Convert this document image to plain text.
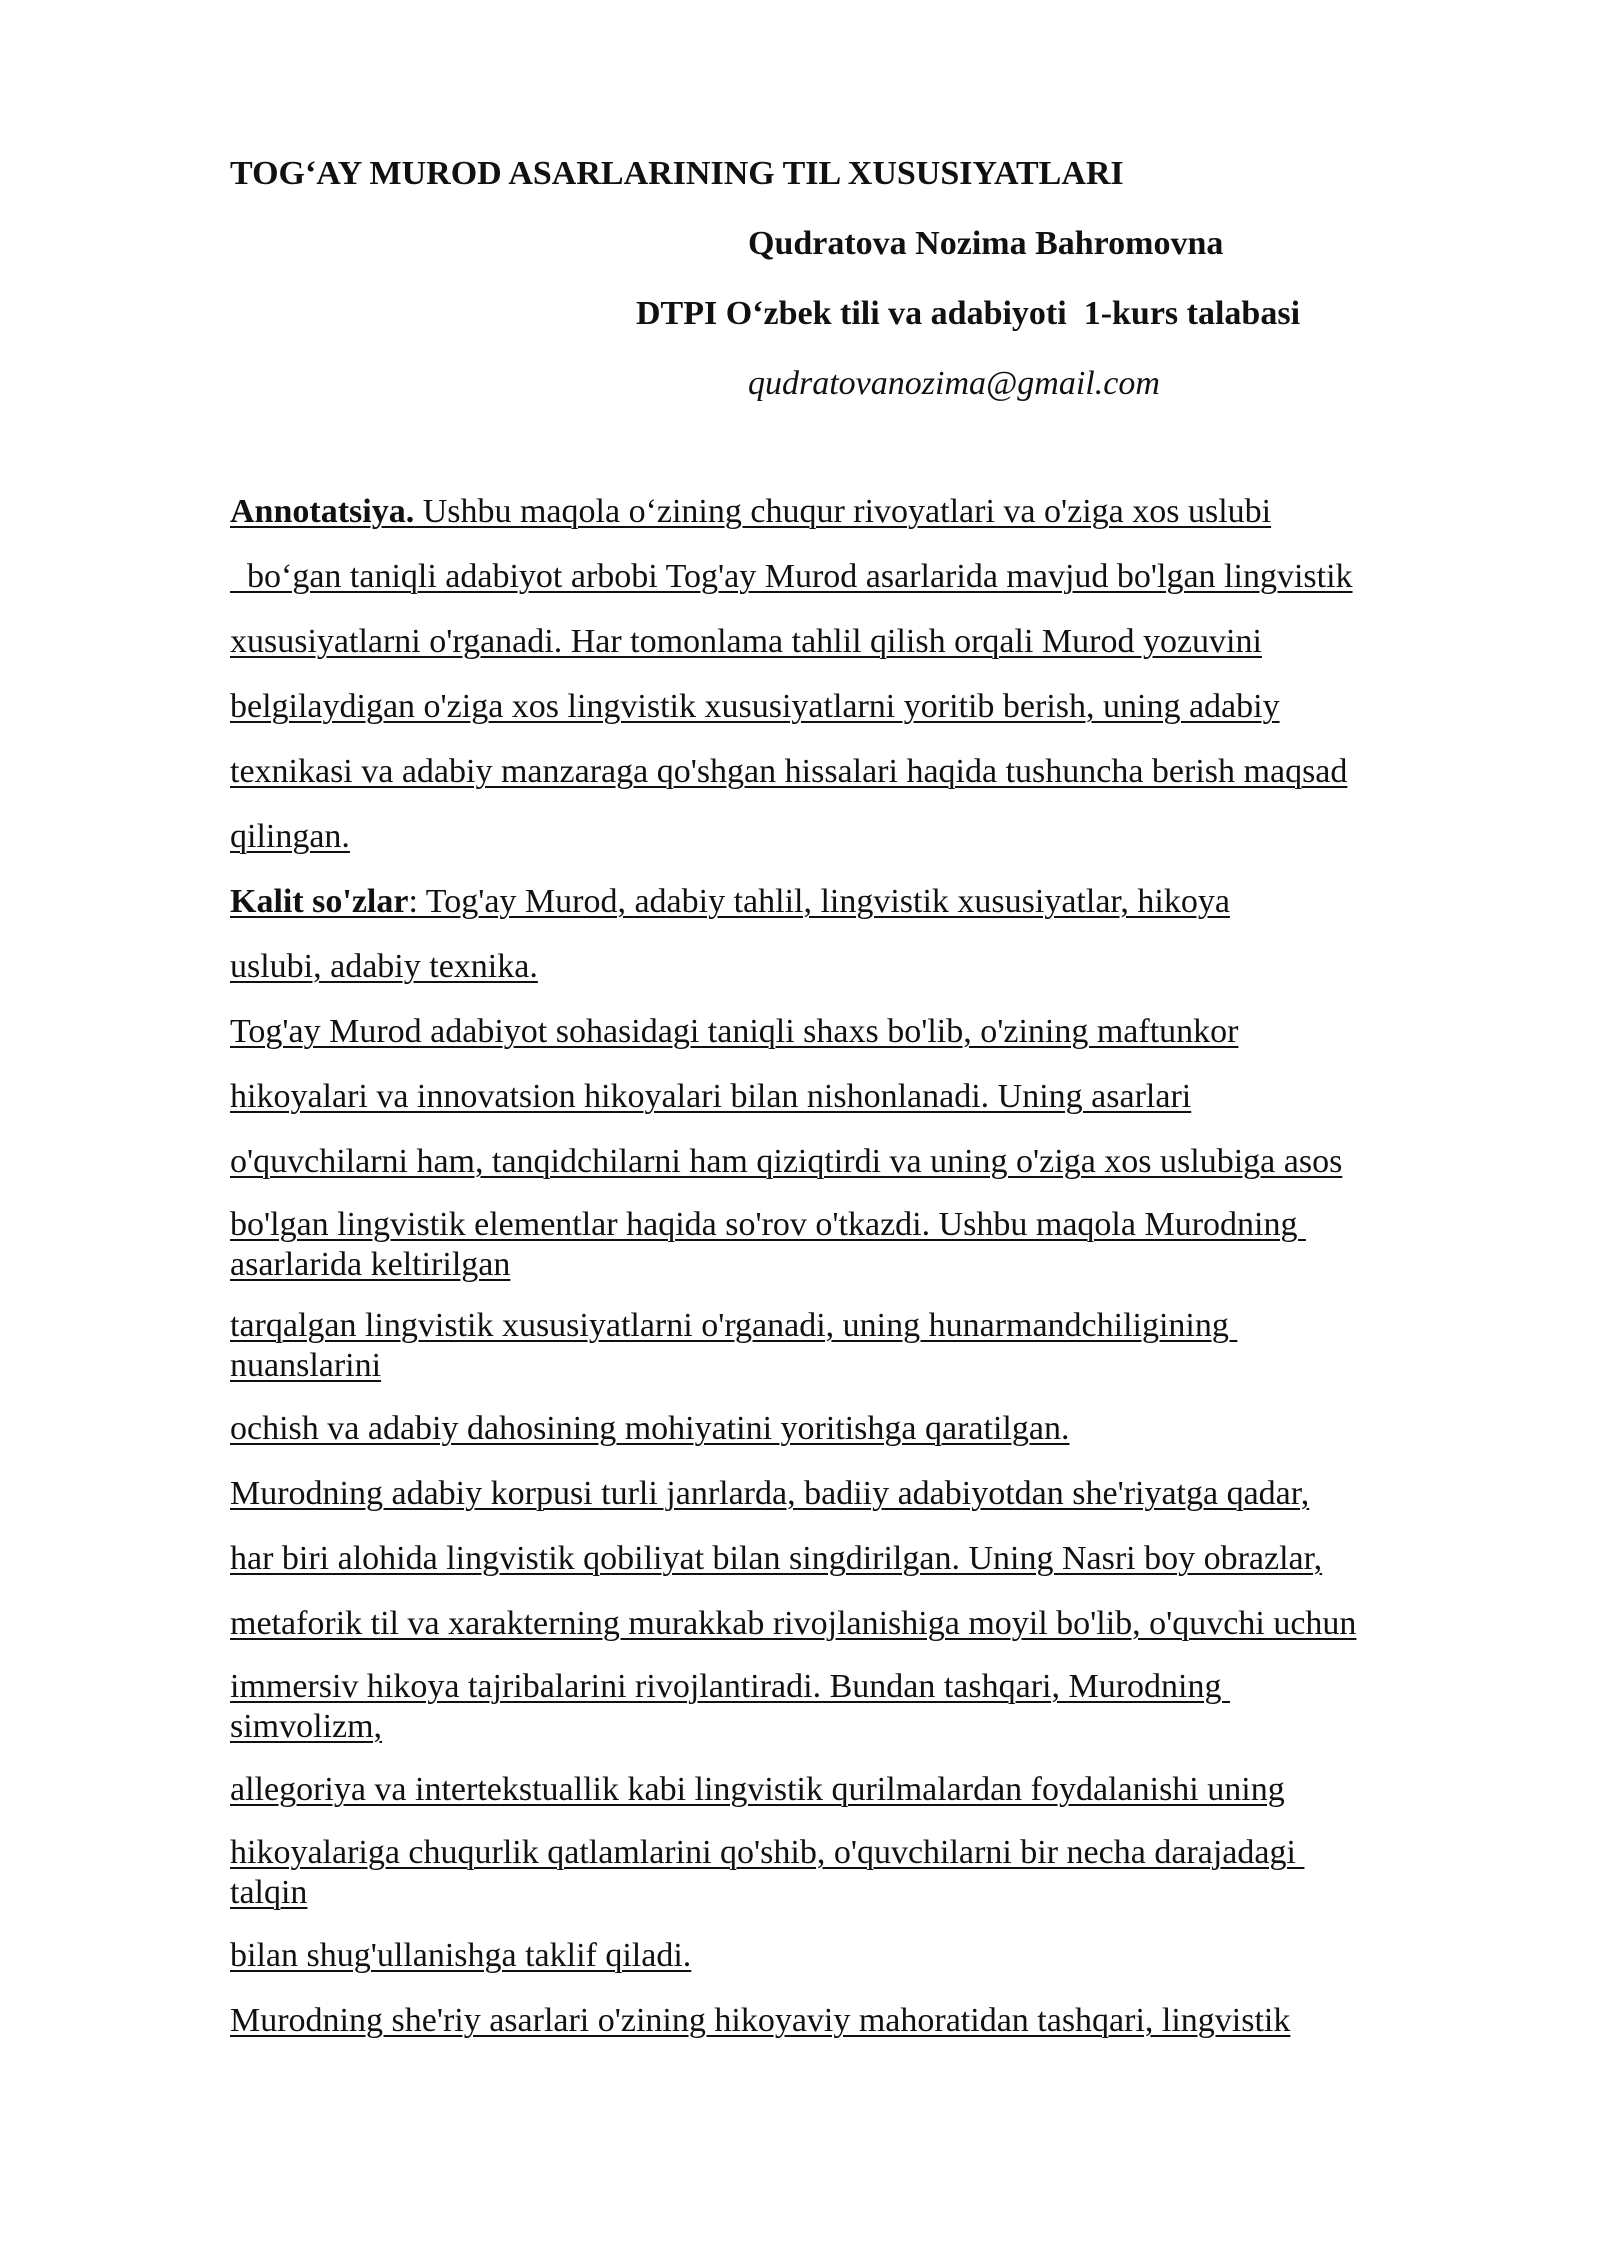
TOG‘AY MUROD ASARLARINING TIL XUSUSIYATLARI
Qudratova Nozima Bahromovna
DTPI O‘zbek tili va adabiyoti  1-kurs talabasi
qudratovanozima@gmail.com
Annotatsiya. Ushbu maqola o‘zining chuqur rivoyatlari va o'ziga xos uslubi
bo‘gan taniqli adabiyot arbobi Tog'ay Murod asarlarida mavjud bo'lgan lingvistik
xususiyatlarni o'rganadi. Har tomonlama tahlil qilish orqali Murod yozuvini
belgilaydigan o'ziga xos lingvistik xususiyatlarni yoritib berish, uning adabiy
texnikasi va adabiy manzaraga qo'shgan hissalari haqida tushuncha berish maqsad
qilingan.
Kalit so'zlar: Tog'ay Murod, adabiy tahlil, lingvistik xususiyatlar, hikoya
uslubi, adabiy texnika.
Tog'ay Murod adabiyot sohasidagi taniqli shaxs bo'lib, o'zining maftunkor
hikoyalari va innovatsion hikoyalari bilan nishonlanadi. Uning asarlari
o'quvchilarni ham, tanqidchilarni ham qiziqtirdi va uning o'ziga xos uslubiga asos
bo'lgan lingvistik elementlar haqida so'rov o'tkazdi. Ushbu maqola Murodning
asarlarida keltirilgan
tarqalgan lingvistik xususiyatlarni o'rganadi, uning hunarmandchiligining
nuanslarini
ochish va adabiy dahosining mohiyatini yoritishga qaratilgan.
Murodning adabiy korpusi turli janrlarda, badiiy adabiyotdan she'riyatga qadar,
har biri alohida lingvistik qobiliyat bilan singdirilgan. Uning Nasri boy obrazlar,
metaforik til va xarakterning murakkab rivojlanishiga moyil bo'lib, o'quvchi uchun
immersiv hikoya tajribalarini rivojlantiradi. Bundan tashqari, Murodning
simvolizm,
allegoriya va intertekstuallik kabi lingvistik qurilmalardan foydalanishi uning
hikoyalariga chuqurlik qatlamlarini qo'shib, o'quvchilarni bir necha darajadagi
talqin
bilan shug'ullanishga taklif qiladi.
Murodning she'riy asarlari o'zining hikoyaviy mahoratidan tashqari, lingvistik
